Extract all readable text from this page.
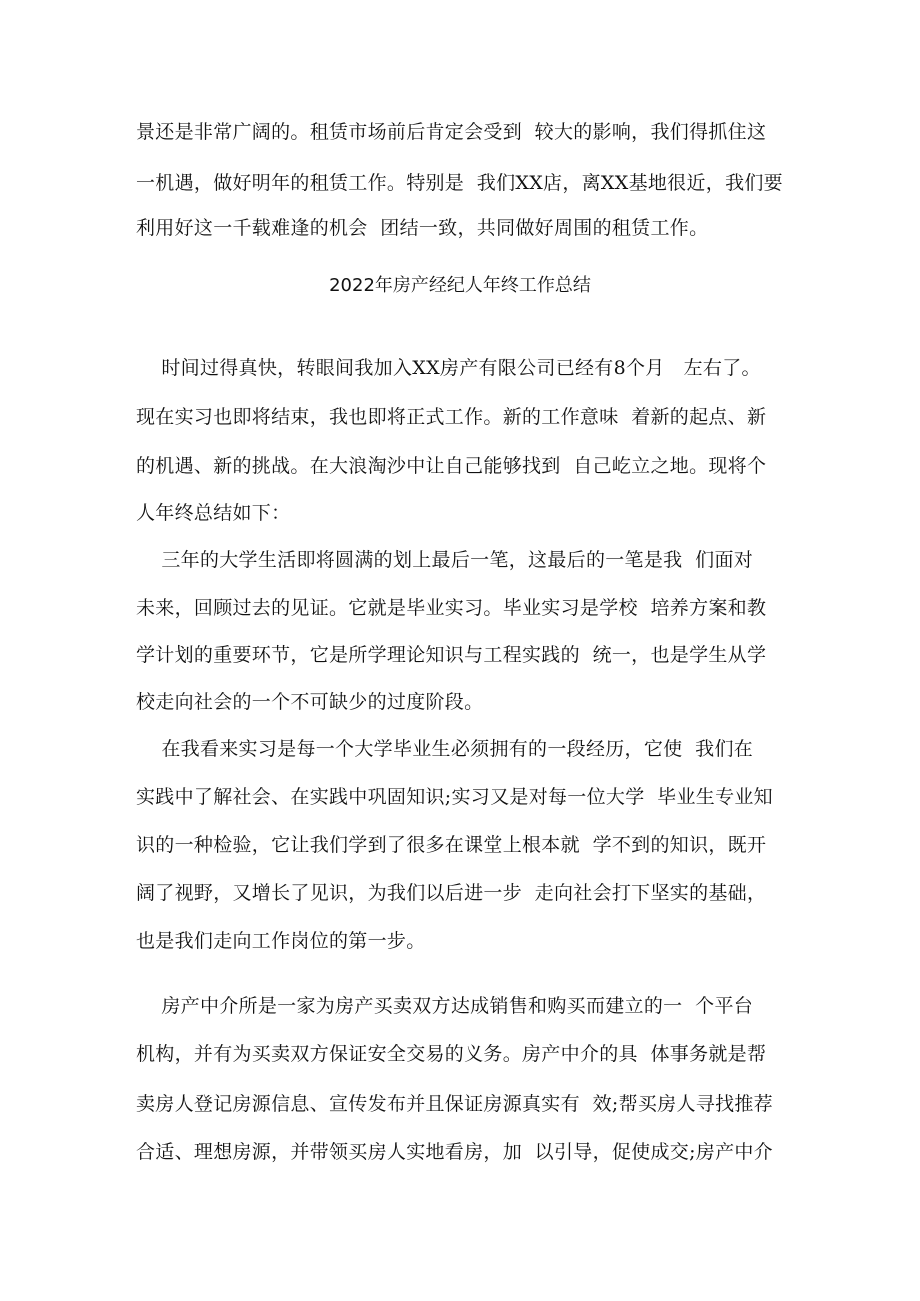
景还是非常广阔的。租赁市场前后肯定会受到  较大的影响，我们得抓住这
一机遇，做好明年的租赁工作。特别是  我们XX店，离XX基地很近，我们要
利用好这一千载难逢的机会  团结一致，共同做好周围的租赁工作。
2022年房产经纪人年终工作总结
时间过得真快，转眼间我加入XX房产有限公司已经有8个月   左右了。
现在实习也即将结束，我也即将正式工作。新的工作意味  着新的起点、新
的机遇、新的挑战。在大浪淘沙中让自己能够找到  自己屹立之地。现将个
人年终总结如下：
三年的大学生活即将圆满的划上最后一笔，这最后的一笔是我  们面对
未来，回顾过去的见证。它就是毕业实习。毕业实习是学校  培养方案和教
学计划的重要环节，它是所学理论知识与工程实践的  统一，也是学生从学
校走向社会的一个不可缺少的过度阶段。
在我看来实习是每一个大学毕业生必须拥有的一段经历，它使  我们在
实践中了解社会、在实践中巩固知识;实习又是对每一位大学  毕业生专业知
识的一种检验，它让我们学到了很多在课堂上根本就  学不到的知识，既开
阔了视野，又增长了见识，为我们以后进一步  走向社会打下坚实的基础，
也是我们走向工作岗位的第一步。
房产中介所是一家为房产买卖双方达成销售和购买而建立的一  个平台
机构，并有为买卖双方保证安全交易的义务。房产中介的具  体事务就是帮
卖房人登记房源信息、宣传发布并且保证房源真实有  效;帮买房人寻找推荐
合适、理想房源，并带领买房人实地看房，加  以引导，促使成交;房产中介
